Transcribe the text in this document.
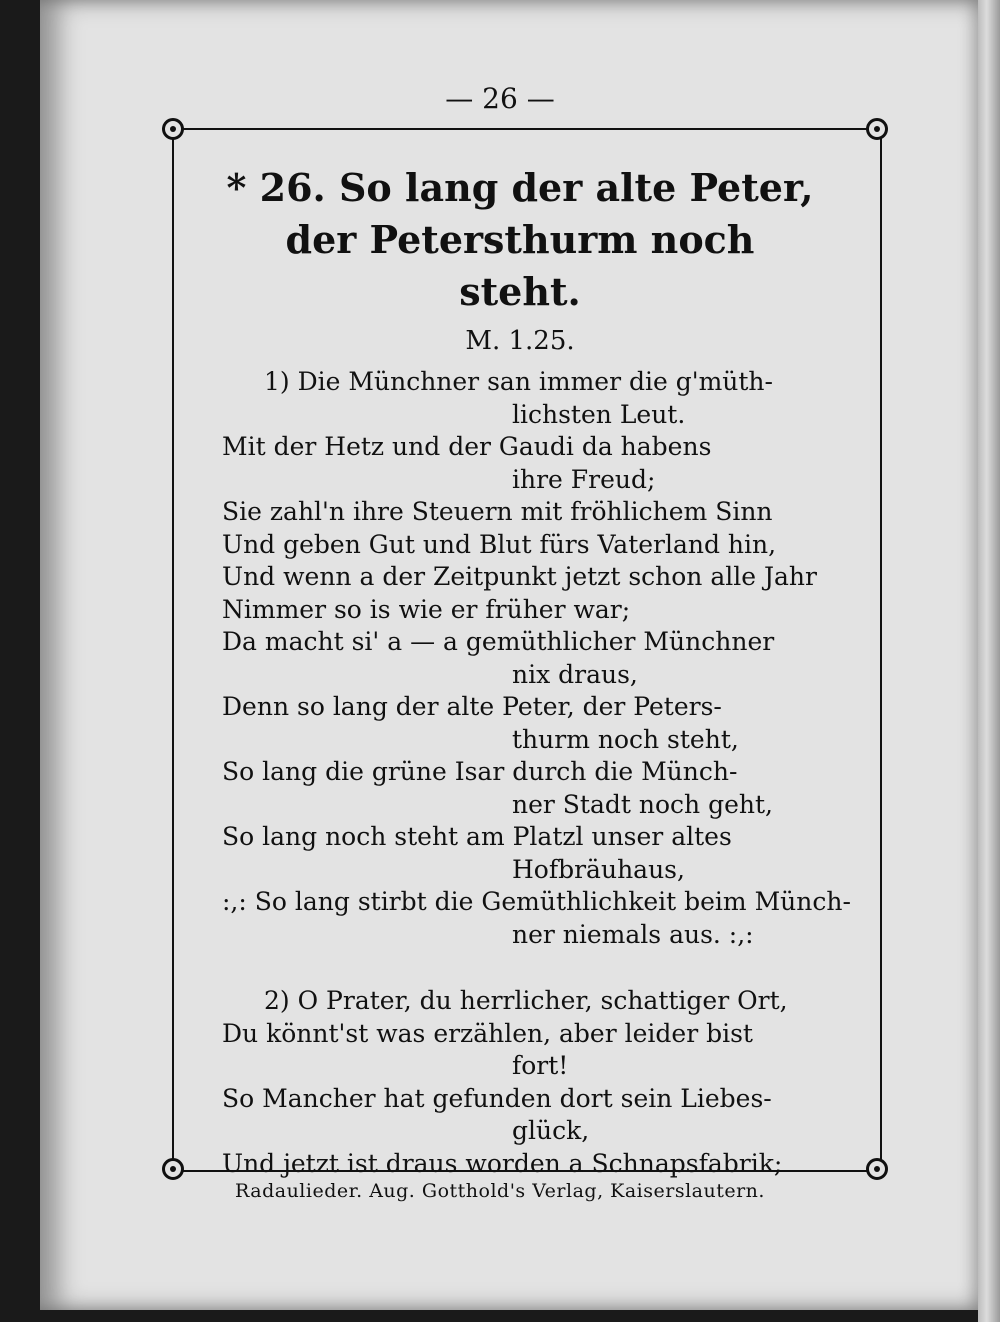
— 26 —
* 26. So lang der alte Peter,
der Petersthurm noch steht.
M. 1.25.
1) Die Münchner san immer die g'müth-
lichsten Leut.
Mit der Hetz und der Gaudi da habens
ihre Freud;
Sie zahl'n ihre Steuern mit fröhlichem Sinn
Und geben Gut und Blut fürs Vaterland hin,
Und wenn a der Zeitpunkt jetzt schon alle Jahr
Nimmer so is wie er früher war;
Da macht si' a — a gemüthlicher Münchner
nix draus,
Denn so lang der alte Peter, der Peters-
thurm noch steht,
So lang die grüne Isar durch die Münch-
ner Stadt noch geht,
So lang noch steht am Platzl unser altes
Hofbräuhaus,
:,: So lang stirbt die Gemüthlichkeit beim Münch-
ner niemals aus. :,:
2) O Prater, du herrlicher, schattiger Ort,
Du könnt'st was erzählen, aber leider bist
fort!
So Mancher hat gefunden dort sein Liebes-
glück,
Und jetzt ist draus worden a Schnapsfabrik;
Radaulieder. Aug. Gotthold's Verlag, Kaiserslautern.
